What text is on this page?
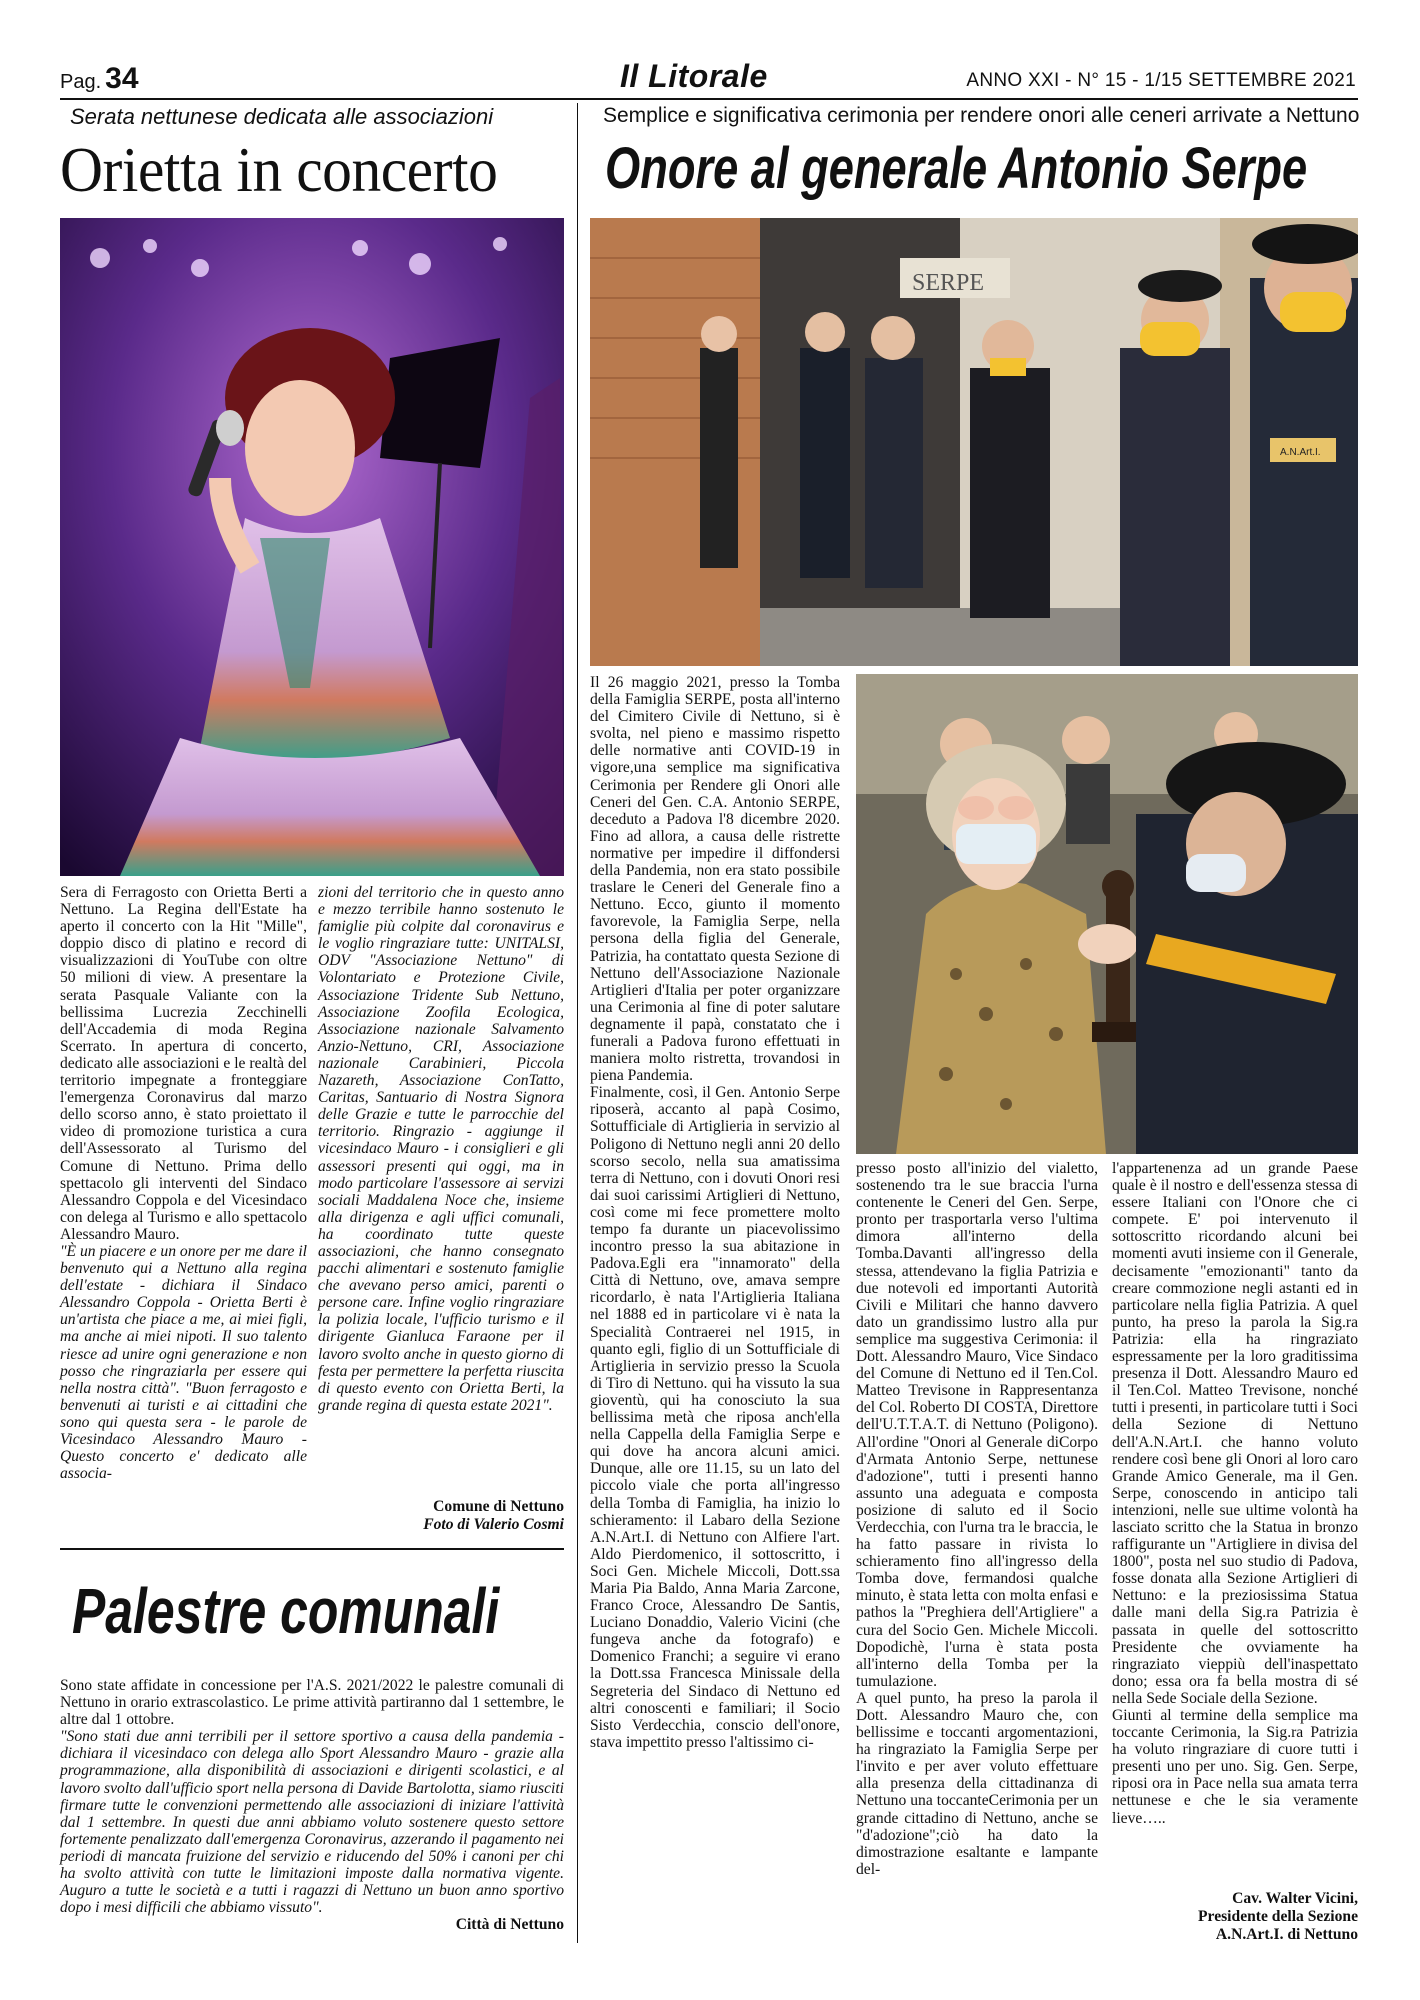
Pag. 34	Il Litorale	ANNO XXI - N° 15 - 1/15 SETTEMBRE 2021
Serata nettunese dedicata alle associazioni
Orietta in concerto

Sera di Ferragosto con Orietta Berti a Nettuno. La Regina dell'Estate ha aperto il concerto con la Hit "Mille", doppio disco di platino e record di visualizzazioni di YouTube con oltre 50 milioni di view. A presentare la serata Pasquale Valiante con la bellissima Lucrezia Zecchinelli dell'Accademia di moda Regina Scerrato. In apertura di concerto, dedicato alle associazioni e le realtà del territorio impegnate a fronteggiare l'emergenza Coronavirus dal marzo dello scorso anno, è stato proiettato il video di promozione turistica a cura dell'Assessorato al Turismo del Comune di Nettuno. Prima dello spettacolo gli interventi del Sindaco Alessandro Coppola e del Vicesindaco con delega al Turismo e allo spettacolo Alessandro Mauro.

"È un piacere e un onore per me dare il benvenuto qui a Nettuno alla regina dell'estate - dichiara il Sindaco Alessandro Coppola - Orietta Berti è un'artista che piace a me, ai miei figli, ma anche ai miei nipoti. Il suo talento riesce ad unire ogni generazione e non posso che ringraziarla per essere qui nella nostra città". "Buon ferragosto e benvenuti ai turisti e ai cittadini che sono qui questa sera - le parole de Vicesindaco Alessandro Mauro - Questo concerto e' dedicato alle associa-

zioni del territorio che in questo anno e mezzo terribile hanno sostenuto le famiglie più colpite dal coronavirus e le voglio ringraziare tutte: UNITALSI, ODV "Associazione Nettuno" di Volontariato e Protezione Civile, Associazione Tridente Sub Nettuno, Associazione Zoofila Ecologica, Associazione nazionale Salvamento Anzio-Nettuno, CRI, Associazione nazionale Carabinieri, Piccola Nazareth, Associazione ConTatto, Caritas, Santuario di Nostra Signora delle Grazie e tutte le parrocchie del territorio. Ringrazio - aggiunge il vicesindaco Mauro - i consiglieri e gli assessori presenti qui oggi, ma in modo particolare l'assessore ai servizi sociali Maddalena Noce che, insieme alla dirigenza e agli uffici comunali, ha coordinato tutte queste associazioni, che hanno consegnato pacchi alimentari e sostenuto famiglie che avevano perso amici, parenti o persone care. Infine voglio ringraziare la polizia locale, l'ufficio turismo e il dirigente Gianluca Faraone per il lavoro svolto anche in questo giorno di festa per permettere la perfetta riuscita di questo evento con Orietta Berti, la grande regina di questa estate 2021".

Comune di Nettuno
Foto di Valerio Cosmi
Palestre comunali

Sono state affidate in concessione per l'A.S. 2021/2022 le palestre comunali di Nettuno in orario extrascolastico. Le prime attività partiranno dal 1 settembre, le altre dal 1 ottobre.

"Sono stati due anni terribili per il settore sportivo a causa della pandemia - dichiara il vicesindaco con delega allo Sport Alessandro Mauro - grazie alla programmazione, alla disponibilità di associazioni e dirigenti scolastici, e al lavoro svolto dall'ufficio sport nella persona di Davide Bartolotta, siamo riusciti firmare tutte le convenzioni permettendo alle associazioni di iniziare l'attività dal 1 settembre. In questi due anni abbiamo voluto sostenere questo settore fortemente penalizzato dall'emergenza Coronavirus, azzerando il pagamento nei periodi di mancata fruizione del servizio e riducendo del 50% i canoni per chi ha svolto attività con tutte le limitazioni imposte dalla normativa vigente. Auguro a tutte le società e a tutti i ragazzi di Nettuno un buon anno sportivo dopo i mesi difficili che abbiamo vissuto".

Città di Nettuno
Semplice e significativa cerimonia per rendere onori alle ceneri arrivate a Nettuno
Onore al generale Antonio Serpe
SERPE
A.N.Art.I.

Il 26 maggio 2021, presso la Tomba della Famiglia SERPE, posta all'interno del Cimitero Civile di Nettuno, si è svolta, nel pieno e massimo rispetto delle normative anti COVID-19 in vigore,una semplice ma significativa Cerimonia per Rendere gli Onori alle Ceneri del Gen. C.A. Antonio SERPE, deceduto a Padova l'8 dicembre 2020. Fino ad allora, a causa delle ristrette normative per impedire il diffondersi della Pandemia, non era stato possibile traslare le Ceneri del Generale fino a Nettuno. Ecco, giunto il momento favorevole, la Famiglia Serpe, nella persona della figlia del Generale, Patrizia, ha contattato questa Sezione di Nettuno dell'Associazione Nazionale Artiglieri d'Italia per poter organizzare una Cerimonia al fine di poter salutare degnamente il papà, constatato che i funerali a Padova furono effettuati in maniera molto ristretta, trovandosi in piena Pandemia.

Finalmente, così, il Gen. Antonio Serpe riposerà, accanto al papà Cosimo, Sottufficiale di Artiglieria in servizio al Poligono di Nettuno negli anni 20 dello scorso secolo, nella sua amatissima terra di Nettuno, con i dovuti Onori resi dai suoi carissimi Artiglieri di Nettuno, così come mi fece promettere molto tempo fa durante un piacevolissimo incontro presso la sua abitazione in Padova.Egli era "innamorato" della Città di Nettuno, ove, amava sempre ricordarlo, è nata l'Artiglieria Italiana nel 1888 ed in particolare vi è nata la Specialità Contraerei nel 1915, in quanto egli, figlio di un Sottufficiale di Artiglieria in servizio presso la Scuola di Tiro di Nettuno. qui ha vissuto la sua gioventù, qui ha conosciuto la sua bellissima metà che riposa anch'ella nella Cappella della Famiglia Serpe e qui dove ha ancora alcuni amici. Dunque, alle ore 11.15, su un lato del piccolo viale che porta all'ingresso della Tomba di Famiglia, ha inizio lo schieramento: il Labaro della Sezione A.N.Art.I. di Nettuno con Alfiere l'art. Aldo Pierdomenico, il sottoscritto, i Soci Gen. Michele Miccoli, Dott.ssa Maria Pia Baldo, Anna Maria Zarcone, Franco Croce, Alessandro De Santis, Luciano Donaddio, Valerio Vicini (che fungeva anche da fotografo) e Domenico Franchi; a seguire vi erano la Dott.ssa Francesca Minissale della Segreteria del Sindaco di Nettuno ed altri conoscenti e familiari; il Socio Sisto Verdecchia, conscio dell'onore, stava impettito presso l'altissimo ci-

presso posto all'inizio del vialetto, sostenendo tra le sue braccia l'urna contenente le Ceneri del Gen. Serpe, pronto per trasportarla verso l'ultima dimora all'interno della Tomba.Davanti all'ingresso della stessa, attendevano la figlia Patrizia e due notevoli ed importanti Autorità Civili e Militari che hanno davvero dato un grandissimo lustro alla pur semplice ma suggestiva Cerimonia: il Dott. Alessandro Mauro, Vice Sindaco del Comune di Nettuno ed il Ten.Col. Matteo Trevisone in Rappresentanza del Col. Roberto DI COSTA, Direttore dell'U.T.T.A.T. di Nettuno (Poligono). All'ordine "Onori al Generale diCorpo d'Armata Antonio Serpe, nettunese d'adozione", tutti i presenti hanno assunto una adeguata e composta posizione di saluto ed il Socio Verdecchia, con l'urna tra le braccia, le ha fatto passare in rivista lo schieramento fino all'ingresso della Tomba dove, fermandosi qualche minuto, è stata letta con molta enfasi e pathos la "Preghiera dell'Artigliere" a cura del Socio Gen. Michele Miccoli. Dopodichè, l'urna è stata posta all'interno della Tomba per la tumulazione.

A quel punto, ha preso la parola il Dott. Alessandro Mauro che, con bellissime e toccanti argomentazioni, ha ringraziato la Famiglia Serpe per l'invito e per aver voluto effettuare alla presenza della cittadinanza di Nettuno una toccanteCerimonia per un grande cittadino di Nettuno, anche se "d'adozione";ciò ha dato la dimostrazione esaltante e lampante del-

l'appartenenza ad un grande Paese quale è il nostro e dell'essenza stessa di essere Italiani con l'Onore che ci compete. E' poi intervenuto il sottoscritto ricordando alcuni bei momenti avuti insieme con il Generale, decisamente "emozionanti" tanto da creare commozione negli astanti ed in particolare nella figlia Patrizia. A quel punto, ha preso la parola la Sig.ra Patrizia: ella ha ringraziato espressamente per la loro graditissima presenza il Dott. Alessandro Mauro ed il Ten.Col. Matteo Trevisone, nonché tutti i presenti, in particolare tutti i Soci della Sezione di Nettuno dell'A.N.Art.I. che hanno voluto rendere così bene gli Onori al loro caro Grande Amico Generale, ma il Gen. Serpe, conoscendo in anticipo tali intenzioni, nelle sue ultime volontà ha lasciato scritto che la Statua in bronzo raffigurante un "Artigliere in divisa del 1800", posta nel suo studio di Padova, fosse donata alla Sezione Artiglieri di Nettuno: e la preziosissima Statua dalle mani della Sig.ra Patrizia è passata in quelle del sottoscritto Presidente che ovviamente ha ringraziato vieppiù dell'inaspettato dono; essa ora fa bella mostra di sé nella Sede Sociale della Sezione.

Giunti al termine della semplice ma toccante Cerimonia, la Sig.ra Patrizia ha voluto ringraziare di cuore tutti i presenti uno per uno. Sig. Gen. Serpe, riposi ora in Pace nella sua amata terra nettunese e che le sia veramente lieve…..

Cav. Walter Vicini,
Presidente della Sezione
A.N.Art.I. di Nettuno
